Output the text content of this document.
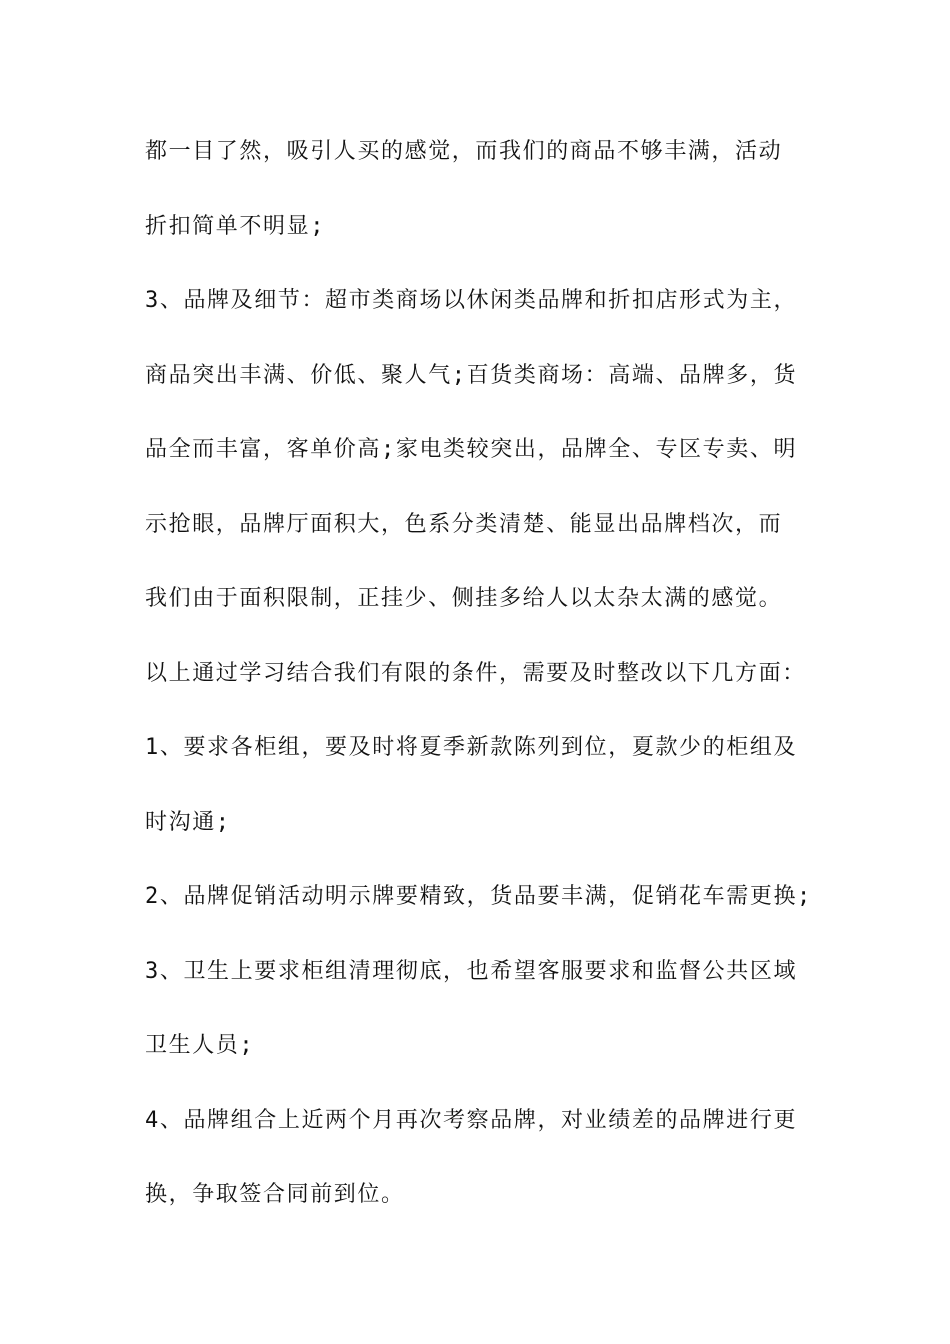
都一目了然，吸引人买的感觉，而我们的商品不够丰满，活动
折扣简单不明显;
3、品牌及细节：超市类商场以休闲类品牌和折扣店形式为主，
商品突出丰满、价低、聚人气;百货类商场：高端、品牌多，货
品全而丰富，客单价高;家电类较突出，品牌全、专区专卖、明
示抢眼，品牌厅面积大，色系分类清楚、能显出品牌档次，而
我们由于面积限制，正挂少、侧挂多给人以太杂太满的感觉。
以上通过学习结合我们有限的条件，需要及时整改以下几方面：
1、要求各柜组，要及时将夏季新款陈列到位，夏款少的柜组及
时沟通;
2、品牌促销活动明示牌要精致，货品要丰满，促销花车需更换;
3、卫生上要求柜组清理彻底，也希望客服要求和监督公共区域
卫生人员;
4、品牌组合上近两个月再次考察品牌，对业绩差的品牌进行更
换，争取签合同前到位。
